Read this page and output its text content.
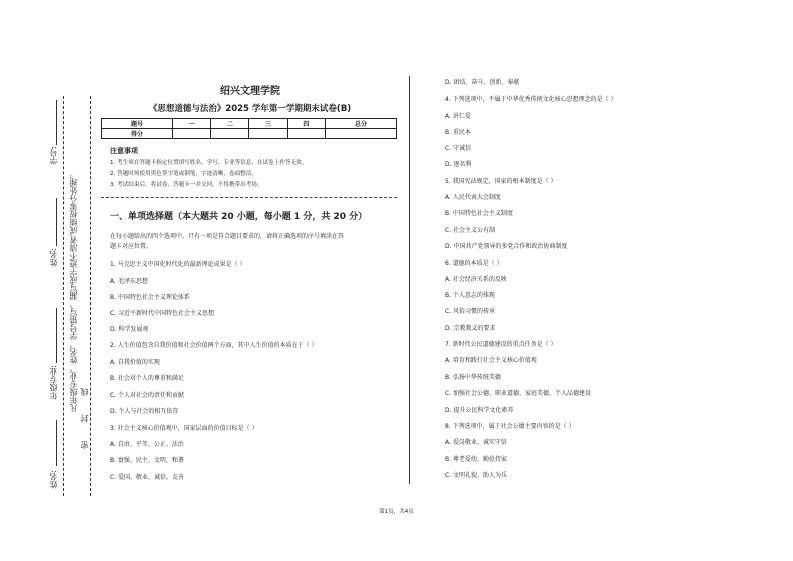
学号:
成绩按零分处理。
姓名: 凡年级专业、姓名、学号错写、漏写或字迹不清者，
年级专业:	密 封 线
姓名:
绍兴文理学院
《思想道德与法治》2025 学年第一学期期末试卷(B)
题号	一	二	三	四	总分
得分					
注意事项
1. 考生须在答题卡指定位置填写姓名、学号、专业等信息，在试卷上作答无效。
2. 答题时须使用黑色签字笔或钢笔，字迹清晰，卷面整洁。
3. 考试结束后，将试卷、答题卡一并交回，不得携带出考场。
一、单项选择题（本大题共 20 小题，每小题 1 分，共 20 分）
在每小题给出的四个选项中，只有一项是符合题目要求的，请将正确选项的序号填涂在答
题卡对应位置。
1. 马克思主义中国化时代化的最新理论成果是（ ）
A. 毛泽东思想
B. 中国特色社会主义理论体系
C. 习近平新时代中国特色社会主义思想
D. 科学发展观
2. 人生价值包含自我价值和社会价值两个方面，其中人生价值的本质在于（ ）
A. 自我价值的实现
B. 社会对个人的尊重和满足
C. 个人对社会的责任和贡献
D. 个人与社会的相互依存
3. 社会主义核心价值观中，国家层面的价值目标是（ ）
A. 自由、平等、公正、法治
B. 富强、民主、文明、和谐
C. 爱国、敬业、诚信、友善
D. 团结、奋斗、创新、奉献
4. 下列选项中，不属于中华优秀传统文化核心思想理念的是（ ）
A. 讲仁爱
B. 重民本
C. 守诚信
D. 逐名利
5. 我国宪法规定，国家的根本制度是（ ）
A. 人民代表大会制度
B. 中国特色社会主义制度
C. 社会主义公有制
D. 中国共产党领导的多党合作和政治协商制度
6. 道德的本质是（ ）
A. 社会经济关系的反映
B. 个人意志的体现
C. 风俗习惯的传承
D. 宗教教义的要求
7. 新时代公民道德建设的重点任务是（ ）
A. 培育和践行社会主义核心价值观
B. 弘扬中华传统美德
C. 加强社会公德、职业道德、家庭美德、个人品德建设
D. 提升公民科学文化素养
8. 下列选项中，属于社会公德主要内容的是（ ）
A. 爱岗敬业、诚实守信
B. 尊老爱幼、勤俭持家
C. 文明礼貌、助人为乐
第1页，共4页
